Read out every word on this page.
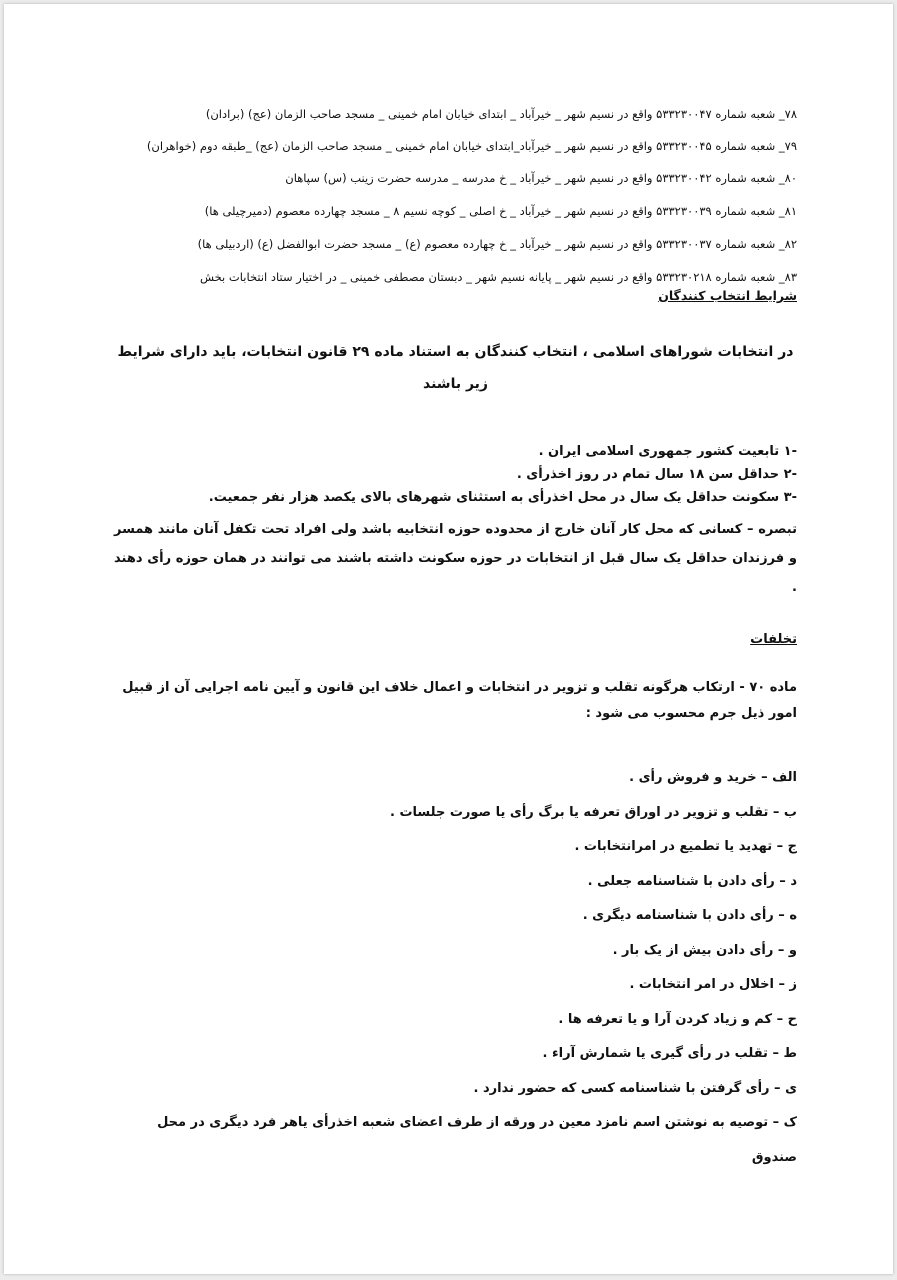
۷۸_ شعبه شماره ۵۳۳۲۳۰۰۴۷ واقع در نسیم شهر _ خیرآباد _ ابتدای خیابان امام خمینی _ مسجد صاحب الزمان (عج) (برادان)

۷۹_ شعبه شماره ۵۳۳۲۳۰۰۴۵ واقع در نسیم شهر _ خیرآباد_ابتدای خیابان امام خمینی _ مسجد صاحب الزمان (عج) _طبقه دوم (خواهران)

۸۰_ شعبه شماره ۵۳۳۲۳۰۰۴۲ واقع در نسیم شهر _ خیرآباد _ خ مدرسه _ مدرسه حضرت زینب (س) سپاهان

۸۱_ شعبه شماره ۵۳۳۲۳۰۰۳۹ واقع در نسیم شهر _ خیرآباد _ خ اصلی _ کوچه نسیم ۸ _ مسجد چهارده معصوم (دمیرچیلی ها)

۸۲_ شعبه شماره ۵۳۳۲۳۰۰۳۷ واقع در نسیم شهر _ خیرآباد _ خ چهارده معصوم (ع) _ مسجد حضرت ابوالفضل (ع) (اردبیلی ها)

۸۳_ شعبه شماره ۵۳۳۲۳۰۲۱۸ واقع در نسیم شهر _ پایانه نسیم شهر _ دبستان مصطفی خمینی _ در اختیار ستاد انتخابات بخش

شرایط انتخاب کنندگان

در انتخابات شوراهای اسلامی ، انتخاب کنندگان به استناد ماده ۲۹ قانون انتخابات، باید دارای شرایط زیر باشند

-۱ تابعیت کشور جمهوری اسلامی ایران .
-۲ حداقل سن ۱۸ سال تمام در روز اخذرأی .
-۳ سکونت حداقل یک سال در محل اخذرأی به استثنای شهرهای بالای یکصد هزار نفر جمعیت.

تبصره – کسانی که محل کار آنان خارج از محدوده حوزه انتخابیه باشد ولی افراد تحت تکفل آنان مانند همسر و فرزندان حداقل یک سال قبل از انتخابات در حوزه سکونت داشته باشند می توانند در همان حوزه رأی دهند .

تخلفات

ماده ۷۰ - ارتکاب هرگونه تقلب و تزویر در انتخابات و اعمال خلاف این قانون و آیین نامه اجرایی آن از قبیل امور ذیل جرم محسوب می شود :

الف – خرید و فروش رأی .
ب – تقلب و تزویر در اوراق تعرفه یا برگ رأی یا صورت جلسات .
ج – تهدید یا تطمیع در امرانتخابات .
د – رأی دادن با شناسنامه جعلی .
ه – رأی دادن با شناسنامه دیگری .
و – رأی دادن بیش از یک بار .
ز – اخلال در امر انتخابات .
ح – کم و زیاد کردن آرا و یا تعرفه ها .
ط – تقلب در رأی گیری یا شمارش آراء .
ی – رأی گرفتن با شناسنامه کسی که حضور ندارد .
ک – توصیه به نوشتن اسم نامزد معین در ورقه از طرف اعضای شعبه اخذرأی یاهر فرد دیگری در محل صندوق
